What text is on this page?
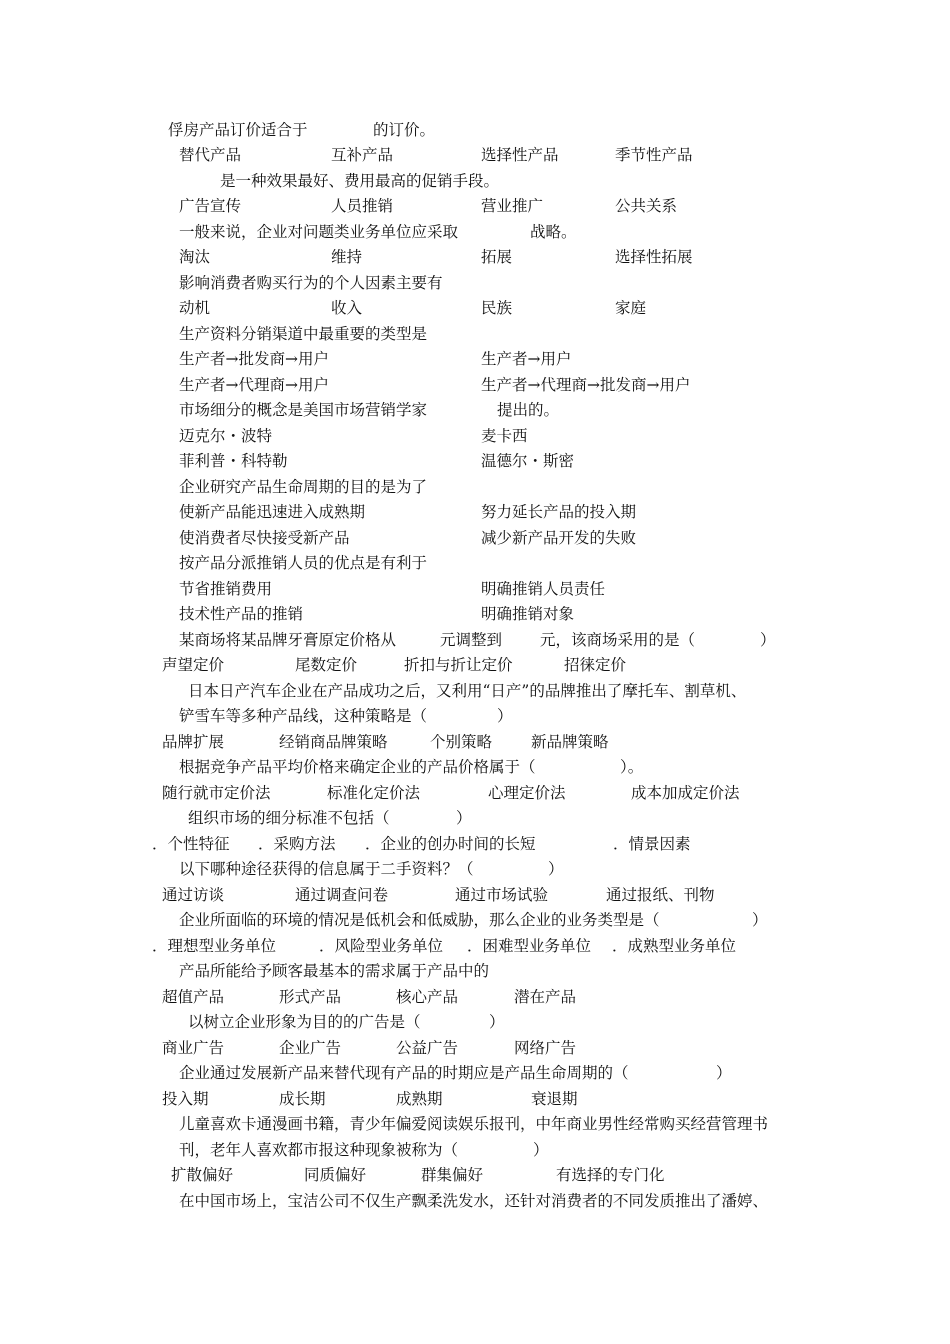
俘房产品订价适合于	的订价。
替代产品	互补产品	选择性产品	季节性产品
是一种效果最好、费用最高的促销手段。
广告宣传	人员推销	营业推广	公共关系
一般来说，企业对问题类业务单位应采取	战略。
淘汰	维持	拓展	选择性拓展
影响消费者购买行为的个人因素主要有
动机	收入	民族	家庭
生产资料分销渠道中最重要的类型是
生产者→批发商→用户	生产者→用户
生产者→代理商→用户	生产者→代理商→批发商→用户
市场细分的概念是美国市场营销学家	提出的。
迈克尔・波特	麦卡西
菲利普・科特勒	温德尔・斯密
企业研究产品生命周期的目的是为了
使新产品能迅速进入成熟期	努力延长产品的投入期
使消费者尽快接受新产品	减少新产品开发的失败
按产品分派推销人员的优点是有利于
节省推销费用	明确推销人员责任
技术性产品的推销	明确推销对象
某商场将某品牌牙膏原定价格从	元调整到 元，该商场采用的是（	）
声望定价	尾数定价	折扣与折让定价	招徕定价
日本日产汽车企业在产品成功之后，又利用“日产”的品牌推出了摩托车、割草机、
铲雪车等多种产品线，这种策略是（	）
品牌扩展	经销商品牌策略	个别策略	新品牌策略
根据竞争产品平均价格来确定企业的产品价格属于（	）。
随行就市定价法	标准化定价法	心理定价法	成本加成定价法
组织市场的细分标准不包括（	）
．个性特征 ．采购方法 ．企业的创办时间的长短	．情景因素
以下哪种途径获得的信息属于二手资料？（	）
通过访谈	通过调查问卷	通过市场试验	通过报纸、刊物
企业所面临的环境的情况是低机会和低威胁，那么企业的业务类型是（	）
．理想型业务单位	．风险型业务单位 ．困难型业务单位 ．成熟型业务单位
产品所能给予顾客最基本的需求属于产品中的
超值产品	形式产品	核心产品	潜在产品
以树立企业形象为目的的广告是（	）
商业广告	企业广告	公益广告	网络广告
企业通过发展新产品来替代现有产品的时期应是产品生命周期的（	）
投入期	成长期	成熟期	衰退期
儿童喜欢卡通漫画书籍，青少年偏爱阅读娱乐报刊，中年商业男性经常购买经营管理书
刊，老年人喜欢都市报这种现象被称为（	）
扩散偏好	同质偏好	群集偏好	有选择的专门化
在中国市场上，宝洁公司不仅生产飘柔洗发水，还针对消费者的不同发质推出了潘婷、
